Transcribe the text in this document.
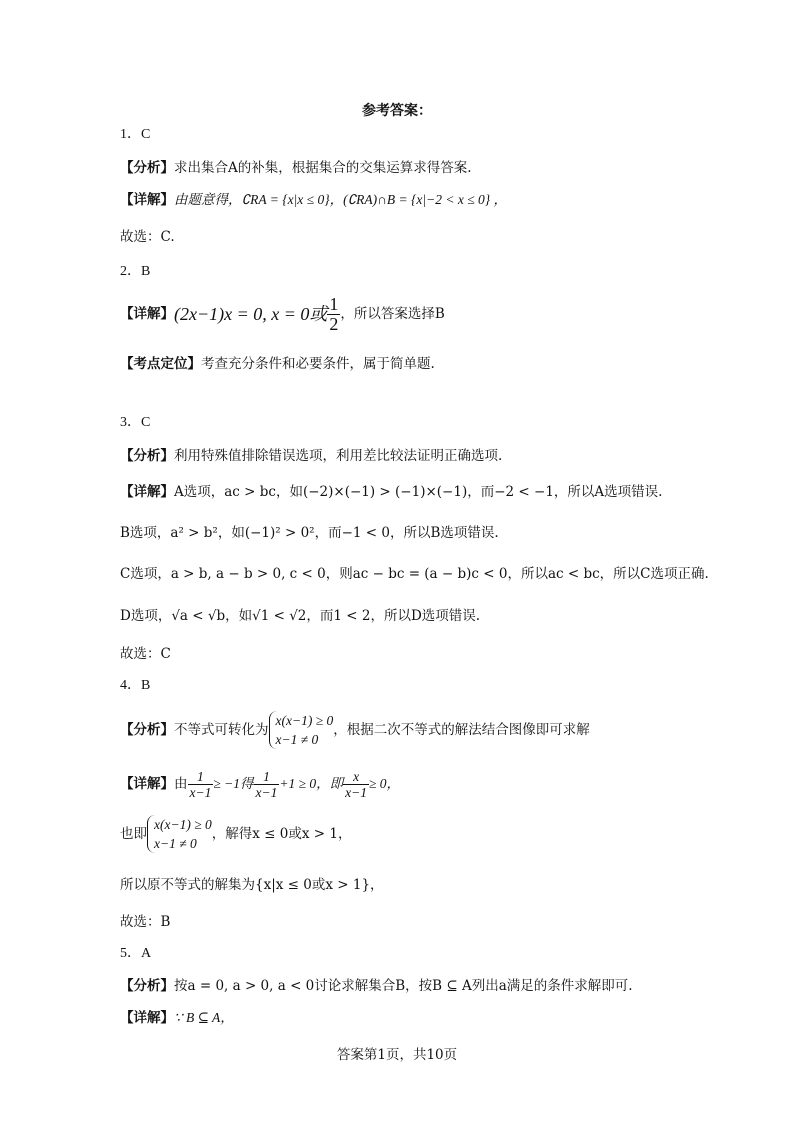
参考答案：
1．C
【分析】求出集合A的补集，根据集合的交集运算求得答案.
【详解】由题意得，∁RA = {x|x ≤ 0}，(∁RA)∩B = {x|−2 < x ≤ 0} ，
故选：C.
2．B
【详解】 (2x−1)x = 0, x = 0或 $\frac{1}{2}$ ，所以答案选择B
【考点定位】考查充分条件和必要条件，属于简单题.
3．C
【分析】利用特殊值排除错误选项，利用差比较法证明正确选项.
【详解】A选项，ac > bc，如(−2)×(−1) > (−1)×(−1)，而−2 < −1，所以A选项错误.
B选项，a² > b²，如(−1)² > 0²，而−1 < 0，所以B选项错误.
C选项，a > b, a − b > 0, c < 0，则ac − bc = (a − b)c < 0，所以ac < bc，所以C选项正确.
D选项，√a < √b，如√1 < √2，而1 < 2，所以D选项错误.
故选：C
4．B
【分析】 不等式可转化为
x(x−1) ≥ 0
x−1 ≠ 0
，根据二次不等式的解法结合图像即可求解
【详解】 由 $\frac{1}{x-1} \ge -1$得 $\frac{1}{x-1} +1 \ge 0$，即 $\frac{x}{x-1} \ge 0$，
也即
x(x−1) ≥ 0
x−1 ≠ 0
，解得x ≤ 0或x > 1，
所以原不等式的解集为{x|x ≤ 0或x > 1}，
故选：B
5．A
【分析】按a = 0, a > 0, a < 0讨论求解集合B，按B ⊆ A列出a满足的条件求解即可.
【详解】∵ B ⊆ A，
答案第1页，共10页
